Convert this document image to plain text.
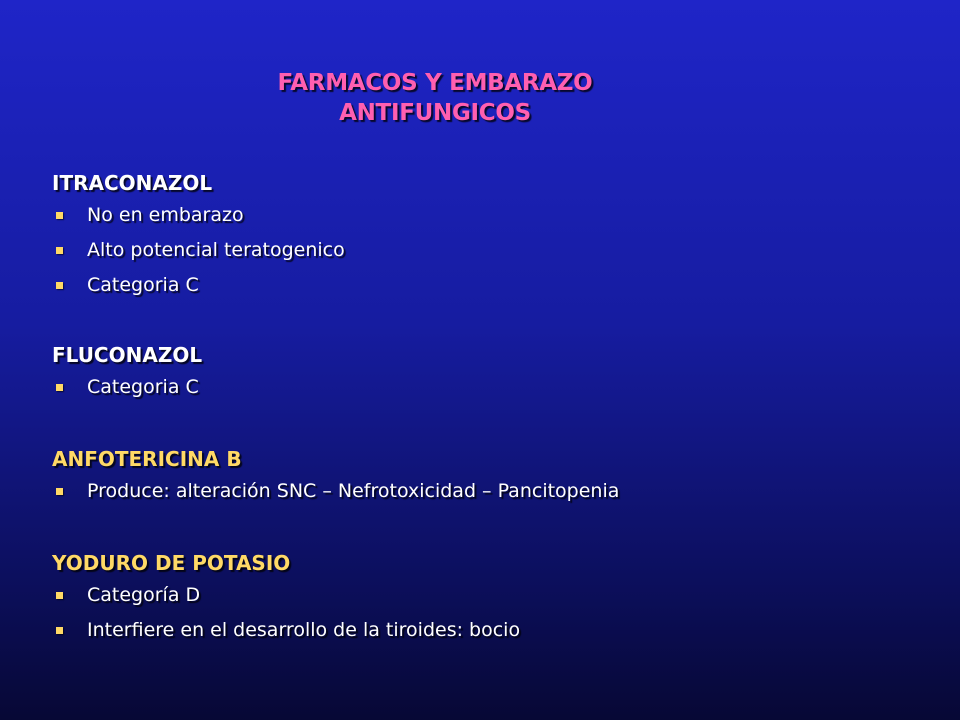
FARMACOS Y EMBARAZO
ANTIFUNGICOS
ITRACONAZOL
No en embarazo
Alto potencial teratogenico
Categoria C
FLUCONAZOL
Categoria C
ANFOTERICINA B
Produce: alteración SNC – Nefrotoxicidad – Pancitopenia
YODURO DE POTASIO
Categoría D
Interfiere en el desarrollo de la tiroides: bocio
